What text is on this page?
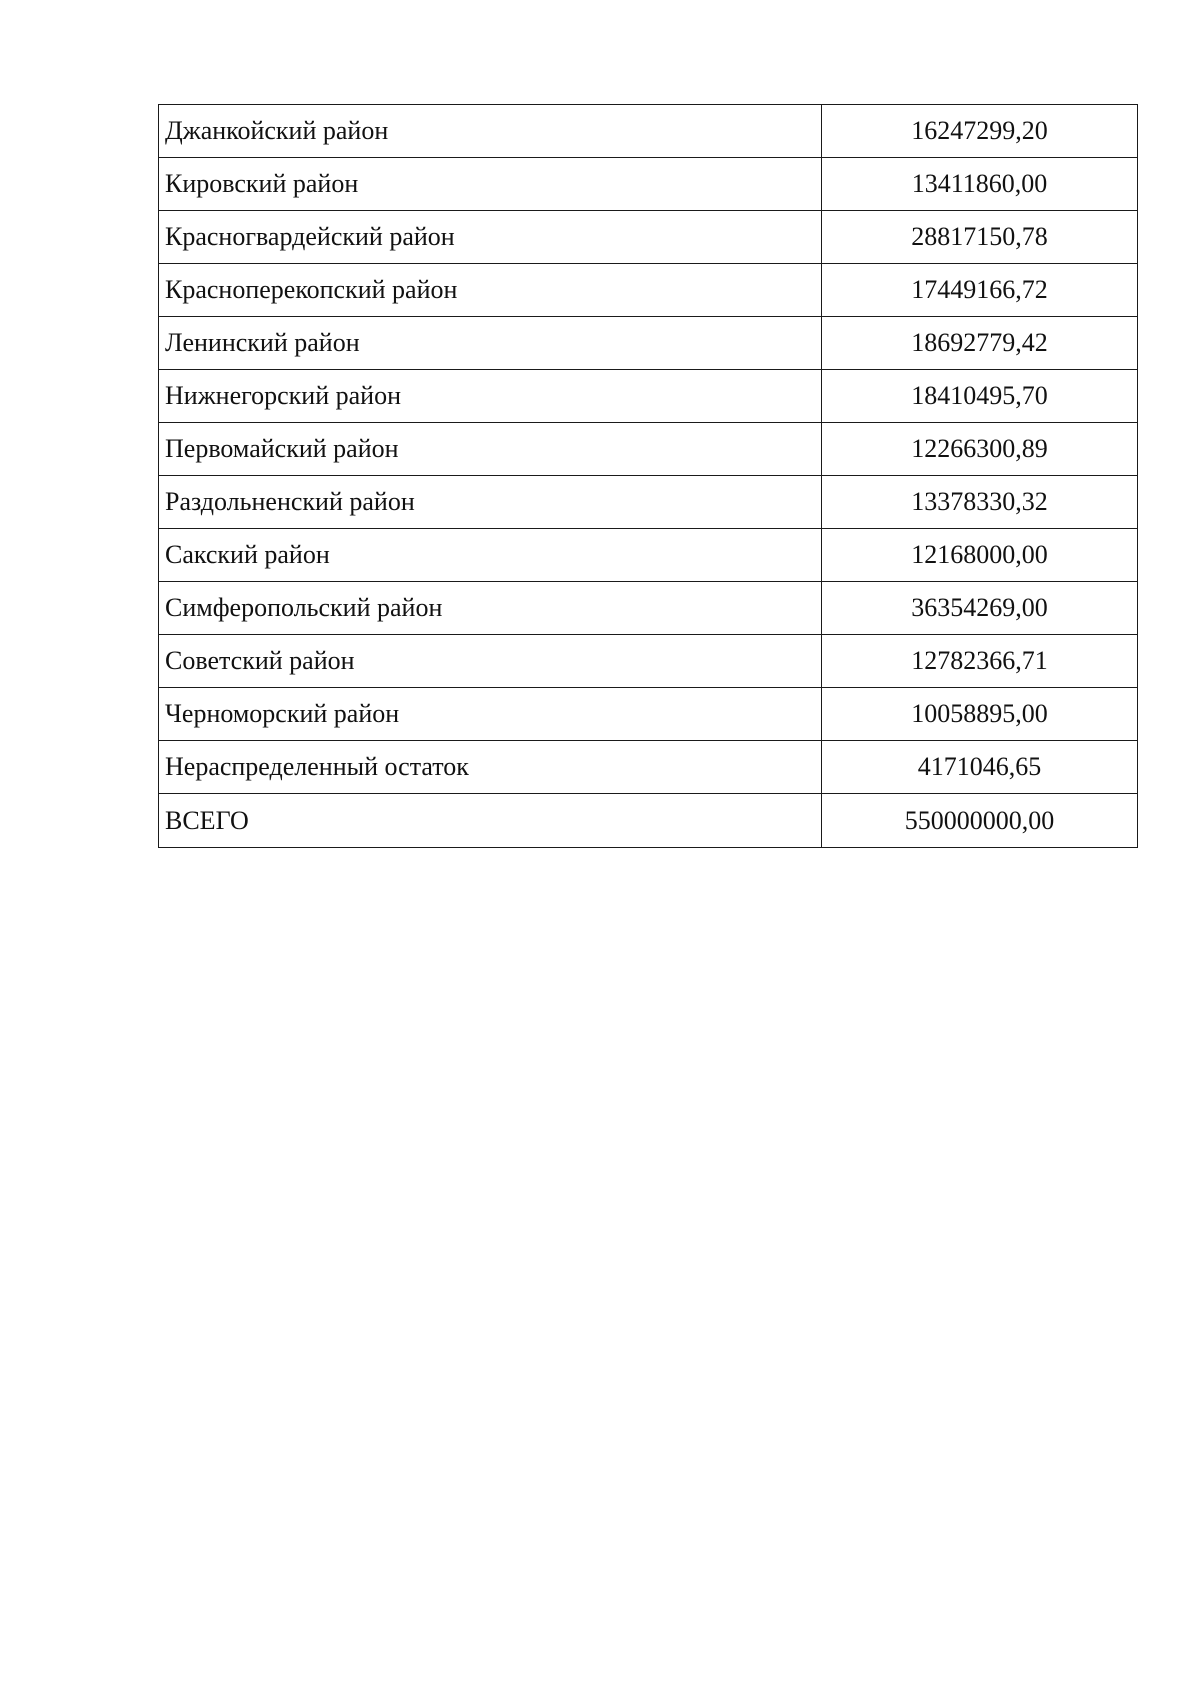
Джанкойский район	16247299,20
Кировский район	13411860,00
Красногвардейский район	28817150,78
Красноперекопский район	17449166,72
Ленинский район	18692779,42
Нижнегорский район	18410495,70
Первомайский район	12266300,89
Раздольненский район	13378330,32
Сакский район	12168000,00
Симферопольский район	36354269,00
Советский район	12782366,71
Черноморский район	10058895,00
Нераспределенный остаток	4171046,65
ВСЕГО	550000000,00
